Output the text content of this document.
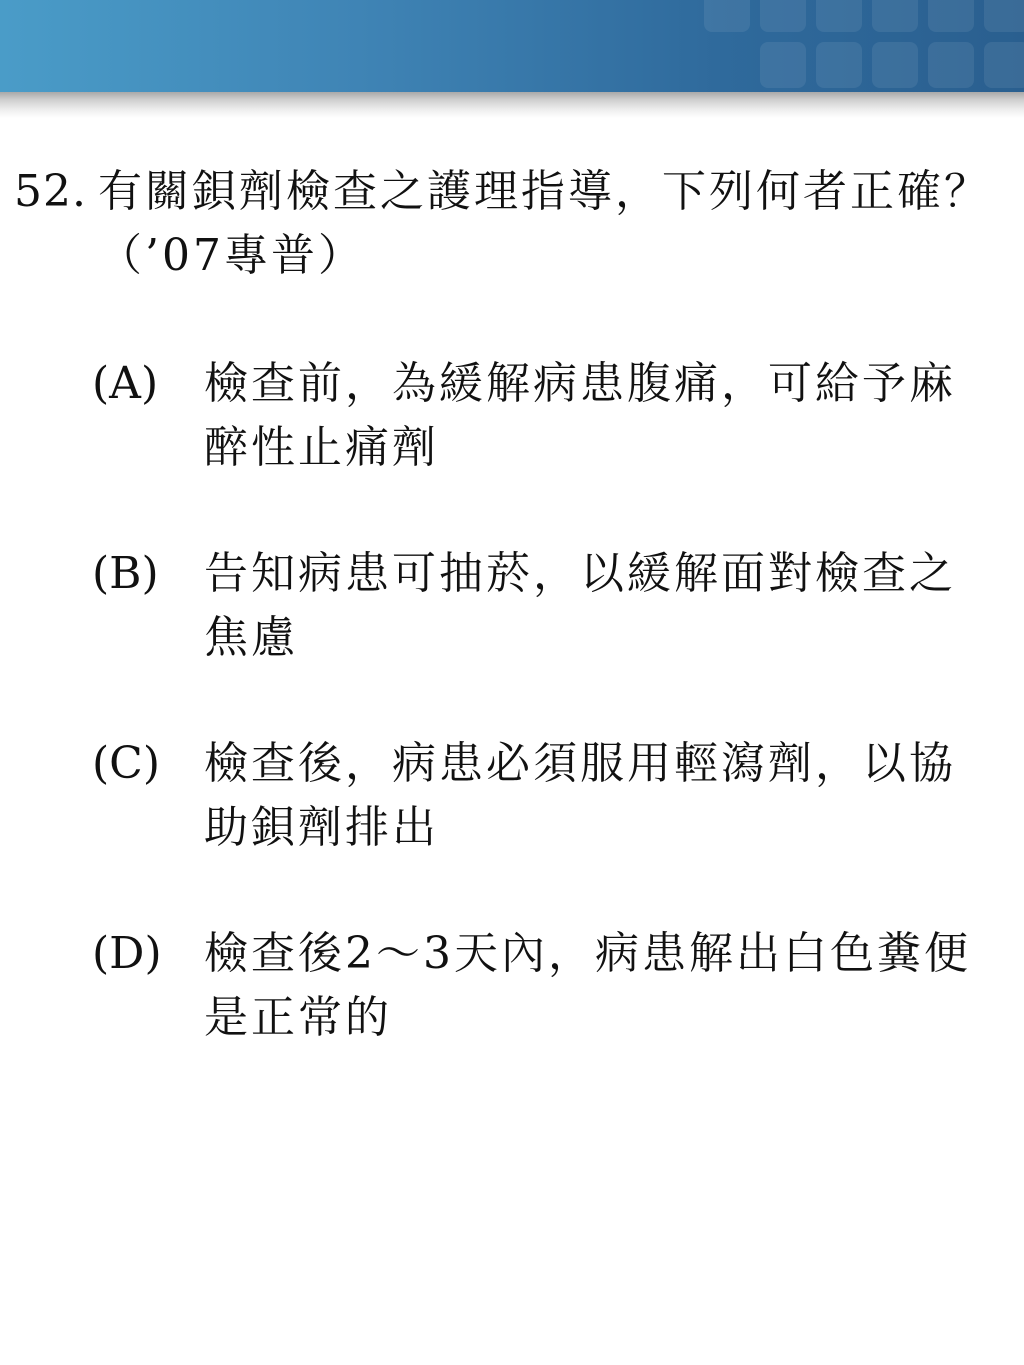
52. 有關鋇劑檢查之護理指導，下列何者正確？（’07專普）
(A) 檢查前，為緩解病患腹痛，可給予麻醉性止痛劑
(B) 告知病患可抽菸，以緩解面對檢查之焦慮
(C) 檢查後，病患必須服用輕瀉劑，以協助鋇劑排出
(D) 檢查後2～3天內，病患解出白色糞便是正常的
